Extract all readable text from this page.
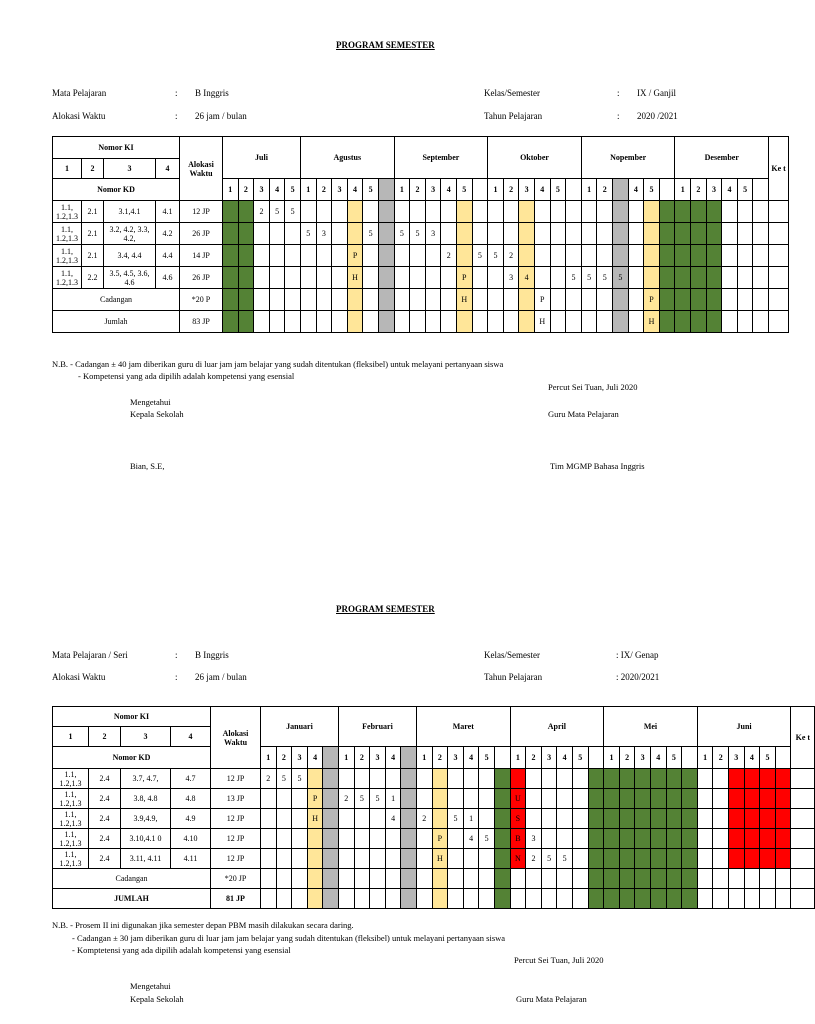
PROGRAM SEMESTER
Mata Pelajaran	: B Inggris
Alokasi Waktu	: 26 jam / bulan
Kelas/Semester	: IX / Ganjil
Tahun Pelajaran	: 2020 /2021
Nomor KI				Alokasi Waktu	Juli					Agustus						September						Oktober						Nopember						Desember						Ke t
1	2	3	4																																					
Nomor KD					1	2	3	4	5	1	2	3	4	5		1	2	3	4	5		1	2	3	4	5		1	2		4	5		1	2	3	4	5		
1.1, 1.2,1.3	2.1	3.1,4.1	4.1	12 JP			2	5	5																															
1.1, 1.2,1.3	2.1	3.2, 4.2, 3.3, 4.2,	4.2	26 JP						5	3			5		5	5	3																						
1.1, 1.2,1.3	2.1	3.4, 4.4	4.4	14 JP									P						2		5	5	2																	
1.1, 1.2,1.3	2.2	3.5, 4.5, 3.6, 4.6	4.6	26 JP									H							P			3	4			5	5	5	5										
Cadangan				*20 P																H					P							P								
Jumlah				83 JP																					H							H								
N.B. - Cadangan ± 40 jam diberikan guru di luar jam jam belajar yang sudah ditentukan (fleksibel) untuk melayani pertanyaan siswa
- Kompetensi yang ada dipilih adalah kompetensi yang esensial
Percut Sei Tuan, Juli 2020
Mengetahui
Kepala Sekolah	Guru Mata Pelajaran
Bian, S.E,	Tim MGMP Bahasa Inggris
PROGRAM SEMESTER
Mata Pelajaran / Seri	: B Inggris
Alokasi Waktu	: 26 jam / bulan
Kelas/Semester	: IX/ Genap
Tahun Pelajaran	: 2020/2021
Nomor KI				Alokasi Waktu	Januari					Februari					Maret						April						Mei						Juni						Ke t
1	2	3	4																																				
Nomor KD					1	2	3	4		1	2	3	4		1	2	3	4	5		1	2	3	4	5		1	2	3	4	5		1	2	3	4	5		
1.1, 1.2,1.3	2.4	3.7, 4.7,	4.7	12 JP	2	5	5																																
1.1, 1.2,1.3	2.4	3.8, 4.8	4.8	13 JP				P		2	5	5	1								U																		
1.1, 1.2,1.3	2.4	3.9,4.9,	4.9	12 JP				H					4		2		5	1			S																		
1.1, 1.2,1.3	2.4	3.10,4.1 0	4.10	12 JP												P		4	5		B	3																	
1.1, 1.2,1.3	2.4	3.11, 4.11	4.11	12 JP												H					N	2	5	5															
Cadangan				*20 JP																																			
JUMLAH				81 JP																																			
N.B. - Prosem II ini digunakan jika semester depan PBM masih dilakukan secara daring.
- Cadangan ± 30 jam diberikan guru di luar jam jam belajar yang sudah ditentukan (fleksibel) untuk melayani pertanyaan siswa
- Komptetensi yang ada dipilih adalah kompetensi yang esensial
Percut Sei Tuan, Juli 2020
Mengetahui
Kepala Sekolah	Guru Mata Pelajaran
